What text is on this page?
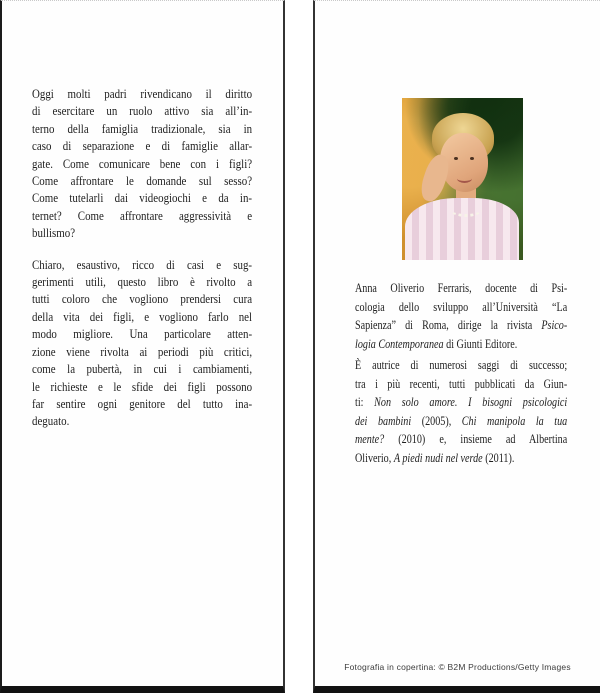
Oggi molti padri rivendicano il diritto
di esercitare un ruolo attivo sia all’in-
terno della famiglia tradizionale, sia in
caso di separazione e di famiglie allar-
gate. Come comunicare bene con i figli?
Come affrontare le domande sul sesso?
Come tutelarli dai videogiochi e da in-
ternet? Come affrontare aggressività e
bullismo?
Chiaro, esaustivo, ricco di casi e sug-
gerimenti utili, questo libro è rivolto a
tutti coloro che vogliono prendersi cura
della vita dei figli, e vogliono farlo nel
modo migliore. Una particolare atten-
zione viene rivolta ai periodi più critici,
come la pubertà, in cui i cambiamenti,
le richieste e le sfide dei figli possono
far sentire ogni genitore del tutto ina-
deguato.
Anna Oliverio Ferraris, docente di Psi-
cologia dello sviluppo all’Università “La
Sapienza” di Roma, dirige la rivista Psico-
logia Contemporanea di Giunti Editore.
È autrice di numerosi saggi di successo;
tra i più recenti, tutti pubblicati da Giun-
ti: Non solo amore. I bisogni psicologici
dei bambini (2005), Chi manipola la tua
mente? (2010) e, insieme ad Albertina
Oliverio, A piedi nudi nel verde (2011).
Fotografia in copertina: © B2M Productions/Getty Images
